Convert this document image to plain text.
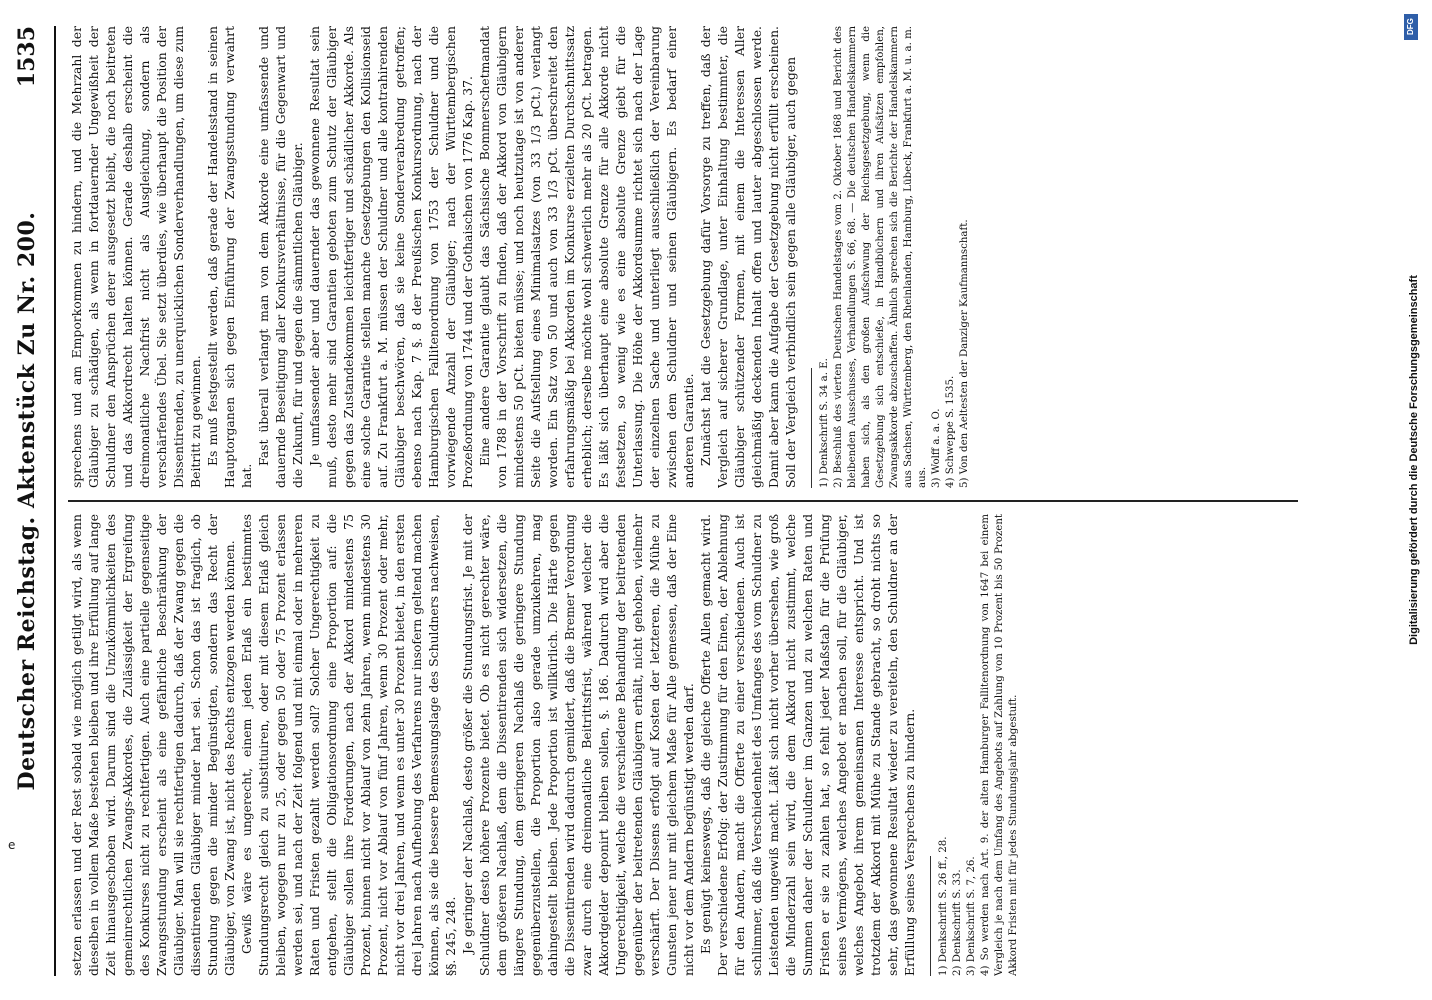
Deutscher Reichstag. Aktenstück Zu Nr. 200.
1535

setzen erlassen und der Rest sobald wie möglich getilgt wird, als wenn dieselben in vollem Maße bestehen bleiben und ihre Erfüllung auf lange Zeit hinausgeschoben wird. Darum sind die Unzukömmlichkeiten des gemeinrechtlichen Zwangs-Akkordes, die Zulässigkeit der Ergreifung des Konkurses nicht zu rechtfertigen. Auch eine partielle gegenseitige Zwangsstundung erscheint als eine gefährliche Beschränkung der Gläubiger. Man will sie rechtfertigen dadurch, daß der Zwang gegen die dissentirenden Gläubiger minder hart sei. Schon das ist fraglich, ob Stundung gegen die minder Begünstigten, sondern das Recht der Gläubiger, von Zwang ist, nicht des Rechts entzogen werden können. Gewiß wäre es ungerecht, einem jeden Erlaß ein bestimmtes Stundungsrecht gleich zu substituiren, oder mit diesem Erlaß gleich bleiben, wogegen nur zu 25, oder gegen 50 oder 75 Prozent erlassen werden sei, und nach der Zeit folgend und mit einmal oder in mehreren Raten und Fristen gezahlt werden soll? Solcher Ungerechtigkeit zu entgehen, stellt die Obligationsordnung eine Proportion auf: die Gläubiger sollen ihre Forderungen, nach der Akkord mindestens 75 Prozent, binnen nicht vor Ablauf von zehn Jahren, wenn mindestens 30 Prozent, nicht vor Ablauf von fünf Jahren, wenn 30 Prozent oder mehr, nicht vor drei Jahren, und wenn es unter 30 Prozent bietet, in den ersten drei Jahren nach Aufhebung des Verfahrens nur insofern geltend machen können, als sie die bessere Bemessungslage des Schuldners nachweisen, §§. 245, 248. Je geringer der Nachlaß, desto größer die Stundungsfrist. Je mit der Schuldner desto höhere Prozente bietet. Ob es nicht gerechter wäre, dem größeren Nachlaß, dem die Dissentirenden sich widersetzen, die längere Stundung, dem geringeren Nachlaß die geringere Stundung gegenüberzustellen, die Proportion also gerade umzukehren, mag dahingestellt bleiben. Jede Proportion ist willkürlich. Die Härte gegen die Dissentirenden wird dadurch gemildert, daß die Bremer Verordnung zwar durch eine dreimonatliche Beitrittsfrist, während welcher die Akkordgelder deponirt bleiben sollen, §. 186. Dadurch wird aber die Ungerechtigkeit, welche die verschiedene Behandlung der beitretenden gegenüber der beitretenden Gläubigern erhält, nicht gehoben, vielmehr verschärft. Der Dissens erfolgt auf Kosten der letzteren, die Mühe zu Gunsten jener nur mit gleichem Maße für Alle gemessen, daß der Eine nicht vor dem Andern begünstigt werden darf. Es genügt keineswegs, daß die gleiche Offerte Allen gemacht wird. Der verschiedene Erfolg: der Zustimmung für den Einen, der Ablehnung für den Andern, macht die Offerte zu einer verschiedenen. Auch ist schlimmer, daß die Verschiedenheit des Umfanges des vom Schuldner zu Leistenden ungewiß macht. Läßt sich nicht vorher übersehen, wie groß die Minderzahl sein wird, die dem Akkord nicht zustimmt, welche Summen daher der Schuldner im Ganzen und zu welchen Raten und Fristen er sie zu zahlen hat, so fehlt jeder Maßstab für die Prüfung seines Vermögens, welches Angebot er machen soll, für die Gläubiger, welches Angebot ihrem gemeinsamen Interesse entspricht. Und ist trotzdem der Akkord mit Mühe zu Stande gebracht, so droht nichts so sehr, das gewonnene Resultat wieder zu vereiteln, den Schuldner an der Erfüllung seines Versprechens zu hindern. 1) Denkschrift S. 26 ff., 28. 2) Denkschrift S. 33. 3) Denkschrift S. 7, 26. 4) So werden nach Art. 9. der alten Hamburger Fallitenordnung von 1647 bei einem Vergleich je nach dem Umfang des Angebots auf Zahlung von 10 Prozent bis 50 Prozent Akkord Fristen mit für jedes Stundungsjahr abgestuft.

sprechens und am Emporkommen zu hindern, und die Mehrzahl der Gläubiger zu schädigen, als wenn in fortdauernder Ungewißheit der Schuldner den Ansprüchen derer ausgesetzt bleibt, die noch beitreten und das Akkordrecht halten können. Gerade deshalb erscheint die dreimonatliche Nachfrist nicht als Ausgleichung, sondern als verschärfendes Übel. Sie setzt überdies, wie überhaupt die Position der Dissentirenden, zu unerquicklichen Sonderverhandlungen, um diese zum Beitritt zu gewinnen. Es muß festgestellt werden, daß gerade der Handelsstand in seinen Hauptorganen sich gegen Einführung der Zwangsstundung verwahrt hat.

Fast überall verlangt man von dem Akkorde eine umfassende und dauernde Beseitigung aller Konkursverhältnisse, für die Gegenwart und die Zukunft, für und gegen die sämmtlichen Gläubiger. Je umfassender aber und dauernder das gewonnene Resultat sein muß, desto mehr sind Garantien geboten zum Schutz der Gläubiger gegen das Zustandekommen leichtfertiger und schädlicher Akkorde. Als eine solche Garantie stellen manche Gesetzgebungen den Kollisionseid auf. Zu Frankfurt a. M. müssen der Schuldner und alle kontrahirenden Gläubiger beschwören, daß sie keine Sonderverabredung getroffen; ebenso nach Kap. 7 §. 8 der Preußischen Konkursordnung, nach der Hamburgischen Fallitenordnung von 1753 der Schuldner und die vorwiegende Anzahl der Gläubiger; nach der Württembergischen Prozeßordnung von 1744 und der Gothaischen von 1776 Kap. 37. Eine andere Garantie glaubt das Sächsische Bommerschetmandat von 1788 in der Vorschrift zu finden, daß der Akkord von Gläubigern mindestens 50 pCt. bieten müsse; und noch heutzutage ist von anderer Seite die Aufstellung eines Minimalsatzes (von 33 1/3 pCt.) verlangt worden. Ein Satz von 50 und auch von 33 1/3 pCt. überschreitet den erfahrungsmäßig bei Akkorden im Konkurse erzielten Durchschnittssatz erheblich; derselbe möchte wohl schwerlich mehr als 20 pCt. betragen. Es läßt sich überhaupt eine absolute Grenze für alle Akkorde nicht festsetzen, so wenig wie es eine absolute Grenze giebt für die Unterlassung. Die Höhe der Akkordsumme richtet sich nach der Lage der einzelnen Sache und unterliegt ausschließlich der Vereinbarung zwischen dem Schuldner und seinen Gläubigern. Es bedarf einer anderen Garantie. Zunächst hat die Gesetzgebung dafür Vorsorge zu treffen, daß der Vergleich auf sicherer Grundlage, unter Einhaltung bestimmter, die Gläubiger schützender Formen, mit einem die Interessen Aller gleichmäßig deckenden Inhalt offen und lauter abgeschlossen werde. Damit aber kann die Aufgabe der Gesetzgebung nicht erfüllt erscheinen. Soll der Vergleich verbindlich sein gegen alle Gläubiger, auch gegen 1) Denkschrift S. 34 a. E. 2) Beschluß des vierten Deutschen Handelstages vom 2. Oktober 1868 und Bericht des bleibenden Ausschusses, Verhandlungen S. 66, 68. — Die deutschen Handelskammern haben sich, als den großen Aufschwung der Reichsgesetzgebung, wenn die Gesetzgebung sich entschieße, in Handbüchern und ihren Aufsätzen empfohlen, Zwangsakkorde abzuschaffen. Ähnlich sprechen sich die Berichte der Handelskammern aus Sachsen, Württemberg, den Rheinlanden, Hamburg, Lübeck, Frankfurt a. M. u. a. m. aus. 3) Wolff a. a. O. 4) Schweppe S. 1535. 5) Von den Aeltesten der Danziger Kaufmannschaft.
e
Digitalisierung gefördert durch die Deutsche Forschungsgemeinschaft
DFG
